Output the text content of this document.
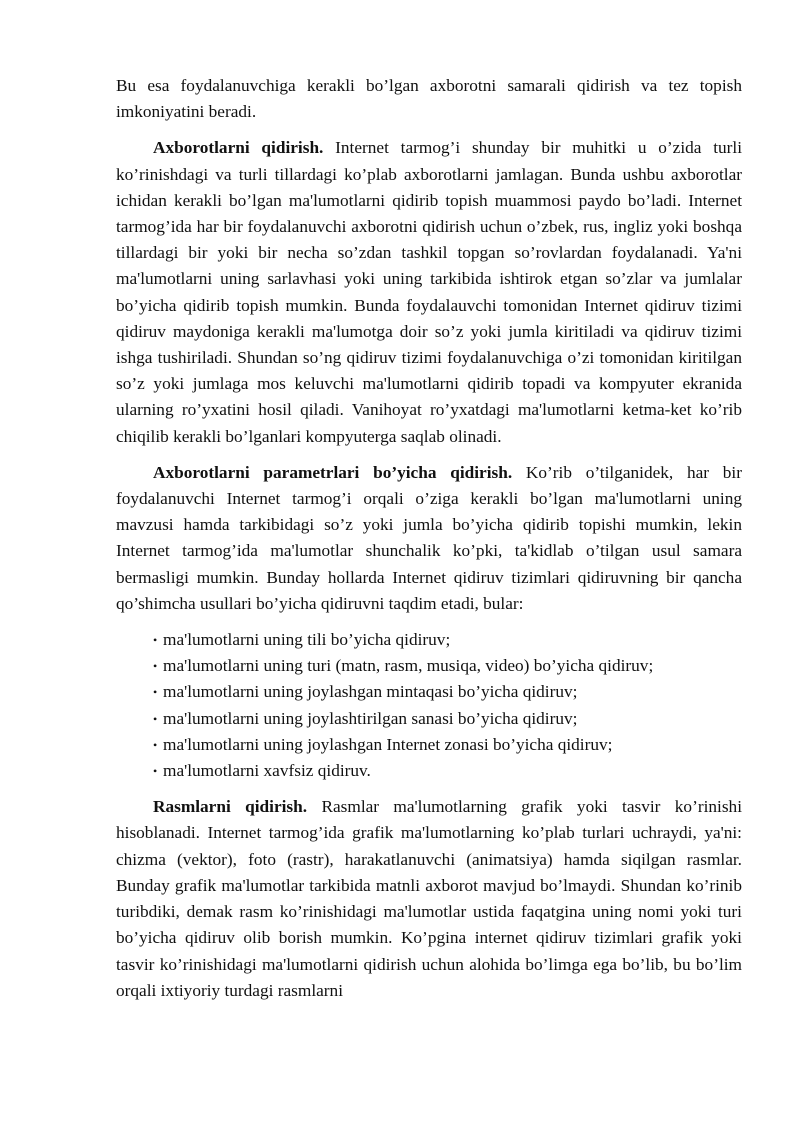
Bu esa foydalanuvchiga kerakli bo’lgan axborotni samarali qidirish va tez topish imkoniyatini beradi.

Axborotlarni qidirish. Internet tarmog’i shunday bir muhitki u o’zida turli ko’rinishdagi va turli tillardagi ko’plab axborotlarni jamlagan. Bunda ushbu axborotlar ichidan kerakli bo’lgan ma'lumotlarni qidirib topish muammosi paydo bo’ladi. Internet tarmog’ida har bir foydalanuvchi axborotni qidirish uchun o’zbek, rus, ingliz yoki boshqa tillardagi bir yoki bir necha so’zdan tashkil topgan so’rovlardan foydalanadi. Ya'ni ma'lumotlarni uning sarlavhasi yoki uning tarkibida ishtirok etgan so’zlar va jumlalar bo’yicha qidirib topish mumkin. Bunda foydalauvchi tomonidan Internet qidiruv tizimi qidiruv maydoniga kerakli ma'lumotga doir so’z yoki jumla kiritiladi va qidiruv tizimi ishga tushiriladi. Shundan so’ng qidiruv tizimi foydalanuvchiga o’zi tomonidan kiritilgan so’z yoki jumlaga mos keluvchi ma'lumotlarni qidirib topadi va kompyuter ekranida ularning ro’yxatini hosil qiladi. Vanihoyat ro’yxatdagi ma'lumotlarni ketma-ket ko’rib chiqilib kerakli bo’lganlari kompyuterga saqlab olinadi.

Axborotlarni parametrlari bo’yicha qidirish. Ko’rib o’tilganidek, har bir foydalanuvchi Internet tarmog’i orqali o’ziga kerakli bo’lgan ma'lumotlarni uning mavzusi hamda tarkibidagi so’z yoki jumla bo’yicha qidirib topishi mumkin, lekin Internet tarmog’ida ma'lumotlar shunchalik ko’pki, ta'kidlab o’tilgan usul samara bermasligi mumkin. Bunday hollarda Internet qidiruv tizimlari qidiruvning bir qancha qo’shimcha usullari bo’yicha qidiruvni taqdim etadi, bular:

• ma'lumotlarni uning tili bo’yicha qidiruv;
• ma'lumotlarni uning turi (matn, rasm, musiqa, video) bo’yicha qidiruv;
• ma'lumotlarni uning joylashgan mintaqasi bo’yicha qidiruv;
• ma'lumotlarni uning joylashtirilgan sanasi bo’yicha qidiruv;
• ma'lumotlarni uning joylashgan Internet zonasi bo’yicha qidiruv;
• ma'lumotlarni xavfsiz qidiruv.

Rasmlarni qidirish. Rasmlar ma'lumotlarning grafik yoki tasvir ko’rinishi hisoblanadi. Internet tarmog’ida grafik ma'lumotlarning ko’plab turlari uchraydi, ya'ni: chizma (vektor), foto (rastr), harakatlanuvchi (animatsiya) hamda siqilgan rasmlar. Bunday grafik ma'lumotlar tarkibida matnli axborot mavjud bo’lmaydi. Shundan ko’rinib turibdiki, demak rasm ko’rinishidagi ma'lumotlar ustida faqatgina uning nomi yoki turi bo’yicha qidiruv olib borish mumkin. Ko’pgina internet qidiruv tizimlari grafik yoki tasvir ko’rinishidagi ma'lumotlarni qidirish uchun alohida bo’limga ega bo’lib, bu bo’lim orqali ixtiyoriy turdagi rasmlarni
